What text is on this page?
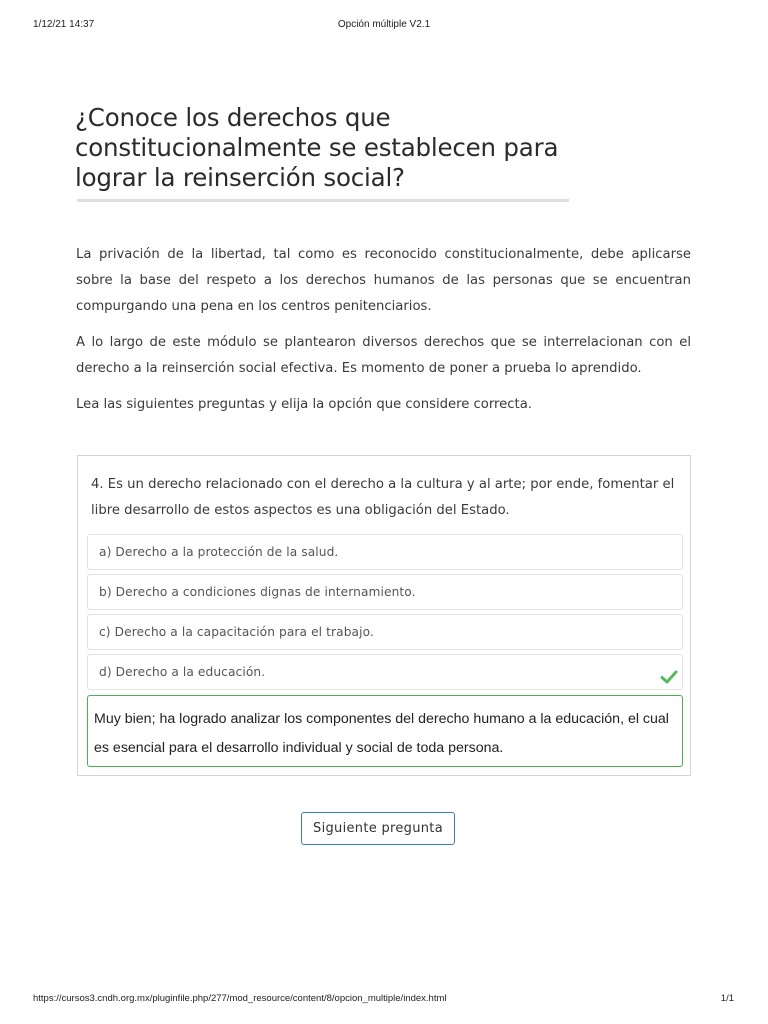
1/12/21 14:37	Opción múltiple V2.1
¿Conoce los derechos que constitucionalmente se establecen para lograr la reinserción social?

La privación de la libertad, tal como es reconocido constitucionalmente, debe aplicarse sobre la base del respeto a los derechos humanos de las personas que se encuentran compurgando una pena en los centros penitenciarios.

A lo largo de este módulo se plantearon diversos derechos que se interrelacionan con el derecho a la reinserción social efectiva. Es momento de poner a prueba lo aprendido.

Lea las siguientes preguntas y elija la opción que considere correcta.

4. Es un derecho relacionado con el derecho a la cultura y al arte; por ende, fomentar el libre desarrollo de estos aspectos es una obligación del Estado.

a) Derecho a la protección de la salud.
b) Derecho a condiciones dignas de internamiento.
c) Derecho a la capacitación para el trabajo.
d) Derecho a la educación.
Muy bien; ha logrado analizar los componentes del derecho humano a la educación, el cual es esencial para el desarrollo individual y social de toda persona.
Siguiente pregunta
https://cursos3.cndh.org.mx/pluginfile.php/277/mod_resource/content/8/opcion_multiple/index.html	1/1
